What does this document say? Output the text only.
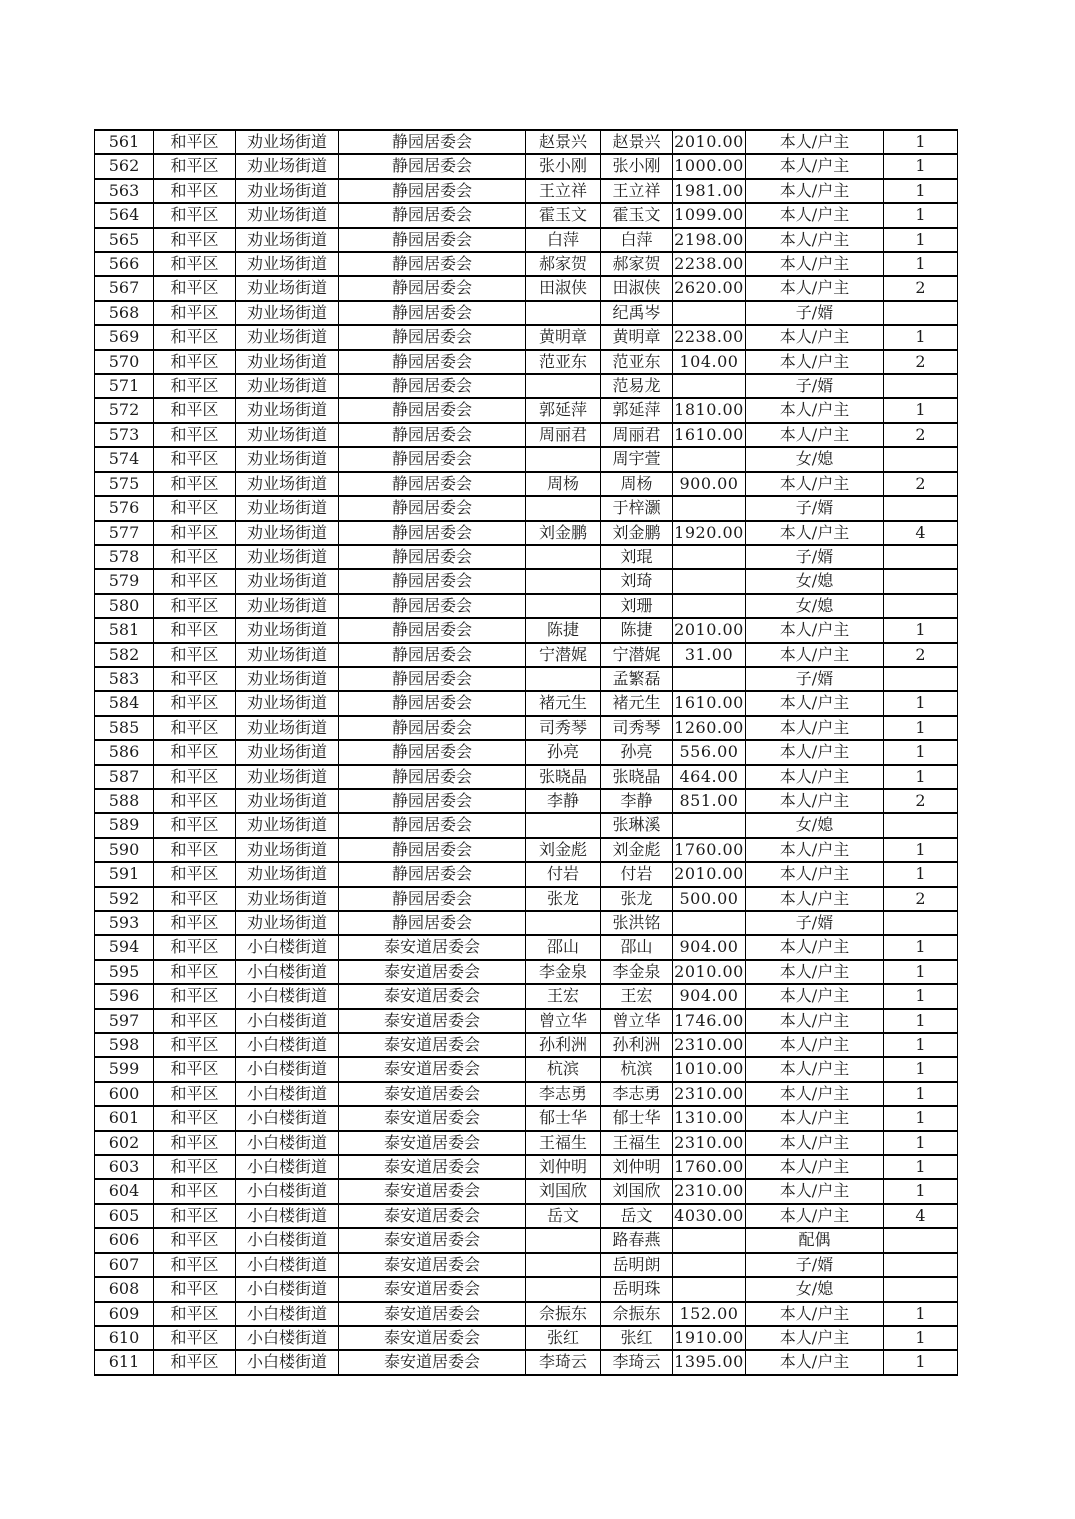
561	和平区	劝业场街道	静园居委会	赵景兴	赵景兴	2010.00	本人/户主	1
562	和平区	劝业场街道	静园居委会	张小刚	张小刚	1000.00	本人/户主	1
563	和平区	劝业场街道	静园居委会	王立祥	王立祥	1981.00	本人/户主	1
564	和平区	劝业场街道	静园居委会	霍玉文	霍玉文	1099.00	本人/户主	1
565	和平区	劝业场街道	静园居委会	白萍	白萍	2198.00	本人/户主	1
566	和平区	劝业场街道	静园居委会	郝家贺	郝家贺	2238.00	本人/户主	1
567	和平区	劝业场街道	静园居委会	田淑侠	田淑侠	2620.00	本人/户主	2
568	和平区	劝业场街道	静园居委会		纪禹岑		子/婿	
569	和平区	劝业场街道	静园居委会	黄明章	黄明章	2238.00	本人/户主	1
570	和平区	劝业场街道	静园居委会	范亚东	范亚东	104.00	本人/户主	2
571	和平区	劝业场街道	静园居委会		范易龙		子/婿	
572	和平区	劝业场街道	静园居委会	郭延萍	郭延萍	1810.00	本人/户主	1
573	和平区	劝业场街道	静园居委会	周丽君	周丽君	1610.00	本人/户主	2
574	和平区	劝业场街道	静园居委会		周宇萱		女/媳	
575	和平区	劝业场街道	静园居委会	周杨	周杨	900.00	本人/户主	2
576	和平区	劝业场街道	静园居委会		于梓灏		子/婿	
577	和平区	劝业场街道	静园居委会	刘金鹏	刘金鹏	1920.00	本人/户主	4
578	和平区	劝业场街道	静园居委会		刘琨		子/婿	
579	和平区	劝业场街道	静园居委会		刘琦		女/媳	
580	和平区	劝业场街道	静园居委会		刘珊		女/媳	
581	和平区	劝业场街道	静园居委会	陈捷	陈捷	2010.00	本人/户主	1
582	和平区	劝业场街道	静园居委会	宁潜娓	宁潜娓	31.00	本人/户主	2
583	和平区	劝业场街道	静园居委会		孟繁磊		子/婿	
584	和平区	劝业场街道	静园居委会	褚元生	褚元生	1610.00	本人/户主	1
585	和平区	劝业场街道	静园居委会	司秀琴	司秀琴	1260.00	本人/户主	1
586	和平区	劝业场街道	静园居委会	孙亮	孙亮	556.00	本人/户主	1
587	和平区	劝业场街道	静园居委会	张晓晶	张晓晶	464.00	本人/户主	1
588	和平区	劝业场街道	静园居委会	李静	李静	851.00	本人/户主	2
589	和平区	劝业场街道	静园居委会		张琳溪		女/媳	
590	和平区	劝业场街道	静园居委会	刘金彪	刘金彪	1760.00	本人/户主	1
591	和平区	劝业场街道	静园居委会	付岩	付岩	2010.00	本人/户主	1
592	和平区	劝业场街道	静园居委会	张龙	张龙	500.00	本人/户主	2
593	和平区	劝业场街道	静园居委会		张洪铭		子/婿	
594	和平区	小白楼街道	泰安道居委会	邵山	邵山	904.00	本人/户主	1
595	和平区	小白楼街道	泰安道居委会	李金泉	李金泉	2010.00	本人/户主	1
596	和平区	小白楼街道	泰安道居委会	王宏	王宏	904.00	本人/户主	1
597	和平区	小白楼街道	泰安道居委会	曾立华	曾立华	1746.00	本人/户主	1
598	和平区	小白楼街道	泰安道居委会	孙利洲	孙利洲	2310.00	本人/户主	1
599	和平区	小白楼街道	泰安道居委会	杭滨	杭滨	1010.00	本人/户主	1
600	和平区	小白楼街道	泰安道居委会	李志勇	李志勇	2310.00	本人/户主	1
601	和平区	小白楼街道	泰安道居委会	郁士华	郁士华	1310.00	本人/户主	1
602	和平区	小白楼街道	泰安道居委会	王福生	王福生	2310.00	本人/户主	1
603	和平区	小白楼街道	泰安道居委会	刘仲明	刘仲明	1760.00	本人/户主	1
604	和平区	小白楼街道	泰安道居委会	刘国欣	刘国欣	2310.00	本人/户主	1
605	和平区	小白楼街道	泰安道居委会	岳文	岳文	4030.00	本人/户主	4
606	和平区	小白楼街道	泰安道居委会		路春燕		配偶	
607	和平区	小白楼街道	泰安道居委会		岳明朗		子/婿	
608	和平区	小白楼街道	泰安道居委会		岳明珠		女/媳	
609	和平区	小白楼街道	泰安道居委会	佘振东	佘振东	152.00	本人/户主	1
610	和平区	小白楼街道	泰安道居委会	张红	张红	1910.00	本人/户主	1
611	和平区	小白楼街道	泰安道居委会	李琦云	李琦云	1395.00	本人/户主	1
